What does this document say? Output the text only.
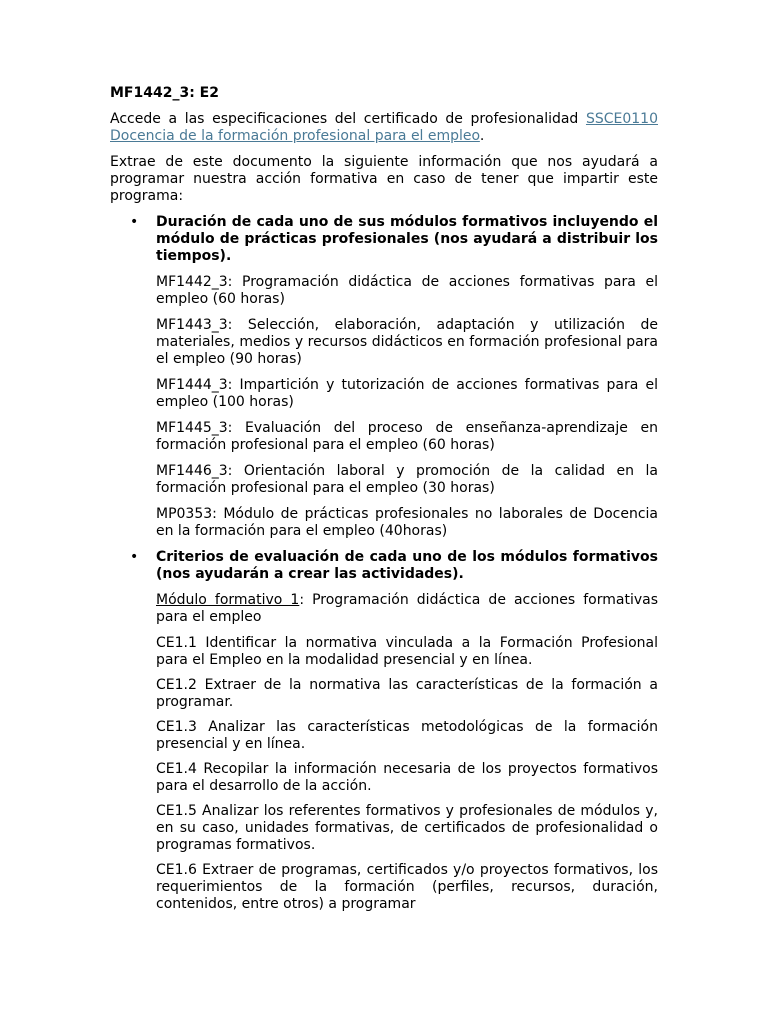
MF1442_3: E2

Accede a las especificaciones del certificado de profesionalidad SSCE0110 Docencia de la formación profesional para el empleo.

Extrae de este documento la siguiente información que nos ayudará a programar nuestra acción formativa en caso de tener que impartir este programa:

• Duración de cada uno de sus módulos formativos incluyendo el módulo de prácticas profesionales (nos ayudará a distribuir los tiempos).

MF1442_3: Programación didáctica de acciones formativas para el empleo (60 horas)

MF1443_3: Selección, elaboración, adaptación y utilización de materiales, medios y recursos didácticos en formación profesional para el empleo (90 horas)

MF1444_3: Impartición y tutorización de acciones formativas para el empleo (100 horas)

MF1445_3: Evaluación del proceso de enseñanza-aprendizaje en formación profesional para el empleo (60 horas)

MF1446_3: Orientación laboral y promoción de la calidad en la formación profesional para el empleo (30 horas)

MP0353: Módulo de prácticas profesionales no laborales de Docencia en la formación para el empleo (40horas)

• Criterios de evaluación de cada uno de los módulos formativos (nos ayudarán a crear las actividades).

Módulo formativo 1: Programación didáctica de acciones formativas para el empleo

CE1.1 Identificar la normativa vinculada a la Formación Profesional para el Empleo en la modalidad presencial y en línea.

CE1.2 Extraer de la normativa las características de la formación a programar.

CE1.3 Analizar las características metodológicas de la formación presencial y en línea.

CE1.4 Recopilar la información necesaria de los proyectos formativos para el desarrollo de la acción.

CE1.5 Analizar los referentes formativos y profesionales de módulos y, en su caso, unidades formativas, de certificados de profesionalidad o programas formativos.

CE1.6 Extraer de programas, certificados y/o proyectos formativos, los requerimientos de la formación (perfiles, recursos, duración, contenidos, entre otros) a programar
